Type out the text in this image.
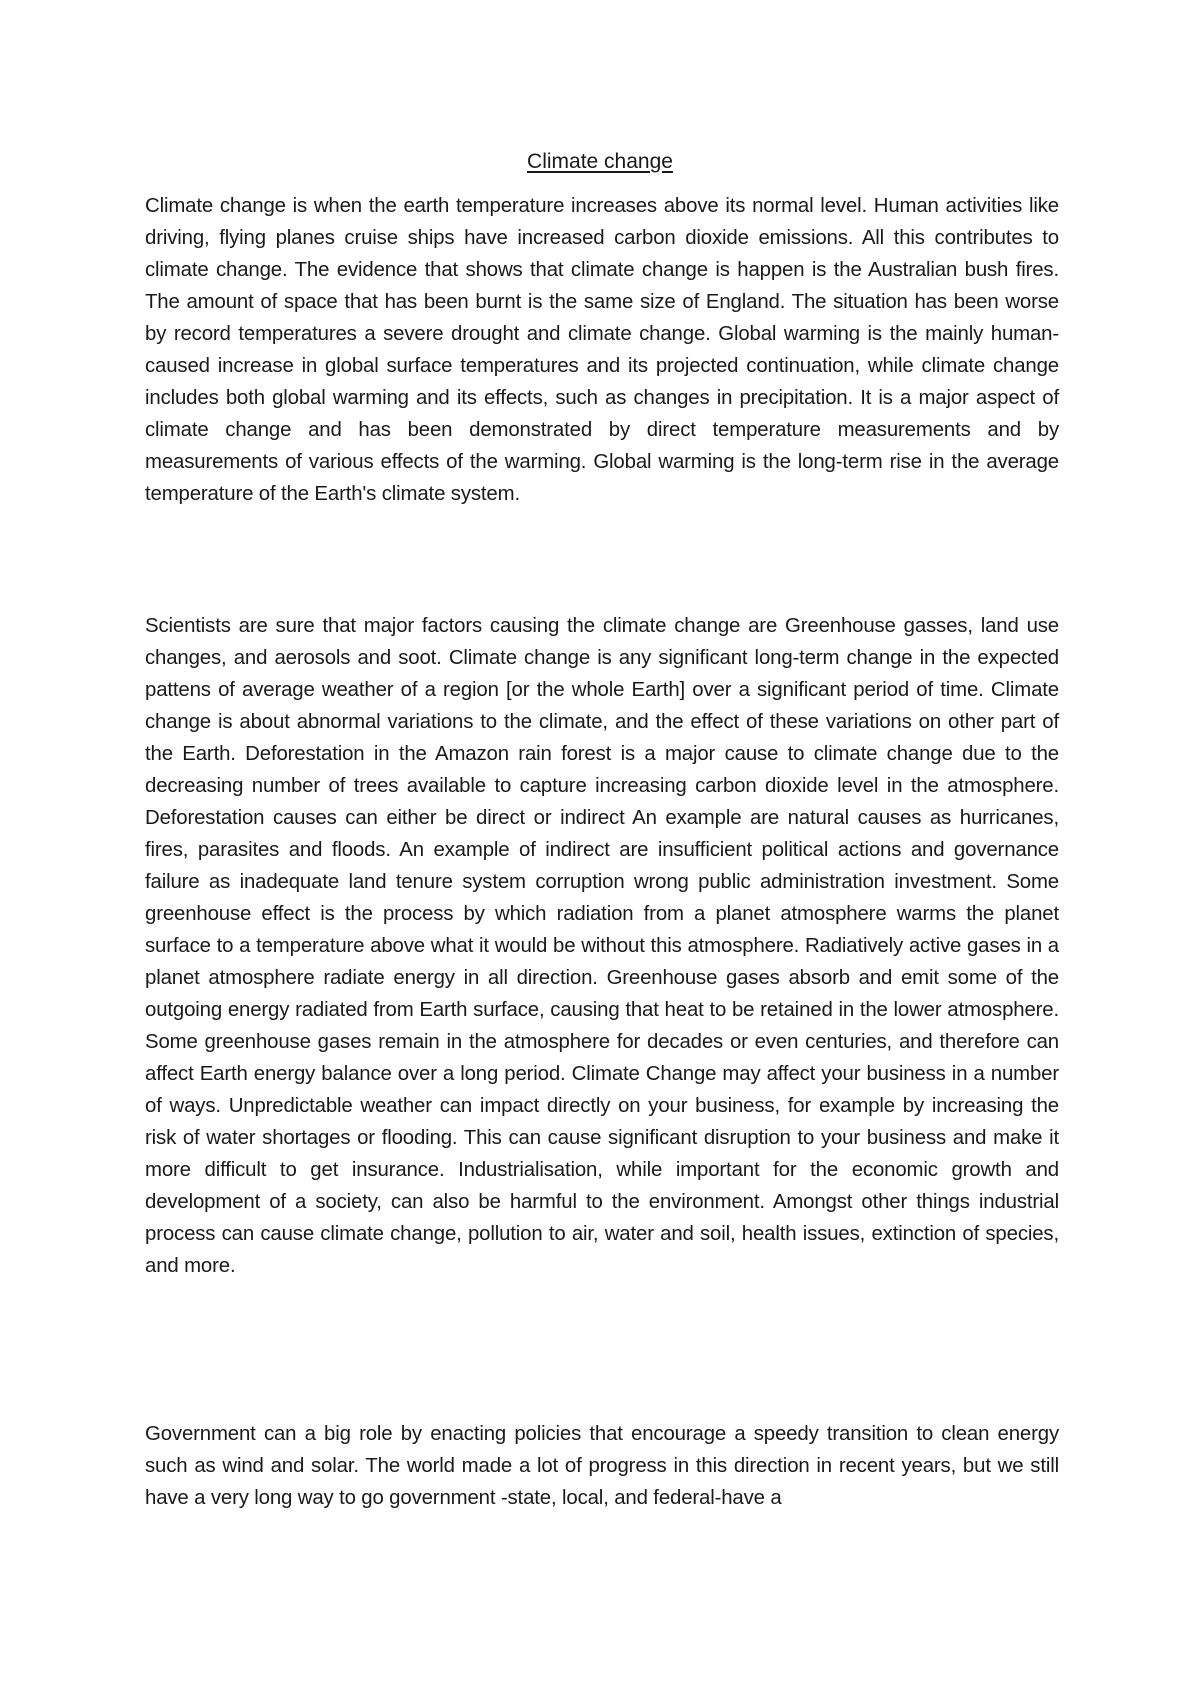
Climate change

Climate change is when the earth temperature increases above its normal level. Human activities like driving, flying planes cruise ships have increased carbon dioxide emissions. All this contributes to climate change. The evidence that shows that climate change is happen is the Australian bush fires. The amount of space that has been burnt is the same size of England. The situation has been worse by record temperatures a severe drought and climate change. Global warming is the mainly human-caused increase in global surface temperatures and its projected continuation, while climate change includes both global warming and its effects, such as changes in precipitation. It is a major aspect of climate change and has been demonstrated by direct temperature measurements and by measurements of various effects of the warming. Global warming is the long-term rise in the average temperature of the Earth's climate system.

Scientists are sure that major factors causing the climate change are Greenhouse gasses, land use changes, and aerosols and soot. Climate change is any significant long-term change in the expected pattens of average weather of a region [or the whole Earth] over a significant period of time. Climate change is about abnormal variations to the climate, and the effect of these variations on other part of the Earth. Deforestation in the Amazon rain forest is a major cause to climate change due to the decreasing number of trees available to capture increasing carbon dioxide level in the atmosphere. Deforestation causes can either be direct or indirect An example are natural causes as hurricanes, fires, parasites and floods. An example of indirect are insufficient political actions and governance failure as inadequate land tenure system corruption wrong public administration investment. Some greenhouse effect is the process by which radiation from a planet atmosphere warms the planet surface to a temperature above what it would be without this atmosphere. Radiatively active gases in a planet atmosphere radiate energy in all direction. Greenhouse gases absorb and emit some of the outgoing energy radiated from Earth surface, causing that heat to be retained in the lower atmosphere. Some greenhouse gases remain in the atmosphere for decades or even centuries, and therefore can affect Earth energy balance over a long period. Climate Change may affect your business in a number of ways. Unpredictable weather can impact directly on your business, for example by increasing the risk of water shortages or flooding. This can cause significant disruption to your business and make it more difficult to get insurance. Industrialisation, while important for the economic growth and development of a society, can also be harmful to the environment. Amongst other things industrial process can cause climate change, pollution to air, water and soil, health issues, extinction of species, and more.

Government can a big role by enacting policies that encourage a speedy transition to clean energy such as wind and solar. The world made a lot of progress in this direction in recent years, but we still have a very long way to go government -state, local, and federal-have a
